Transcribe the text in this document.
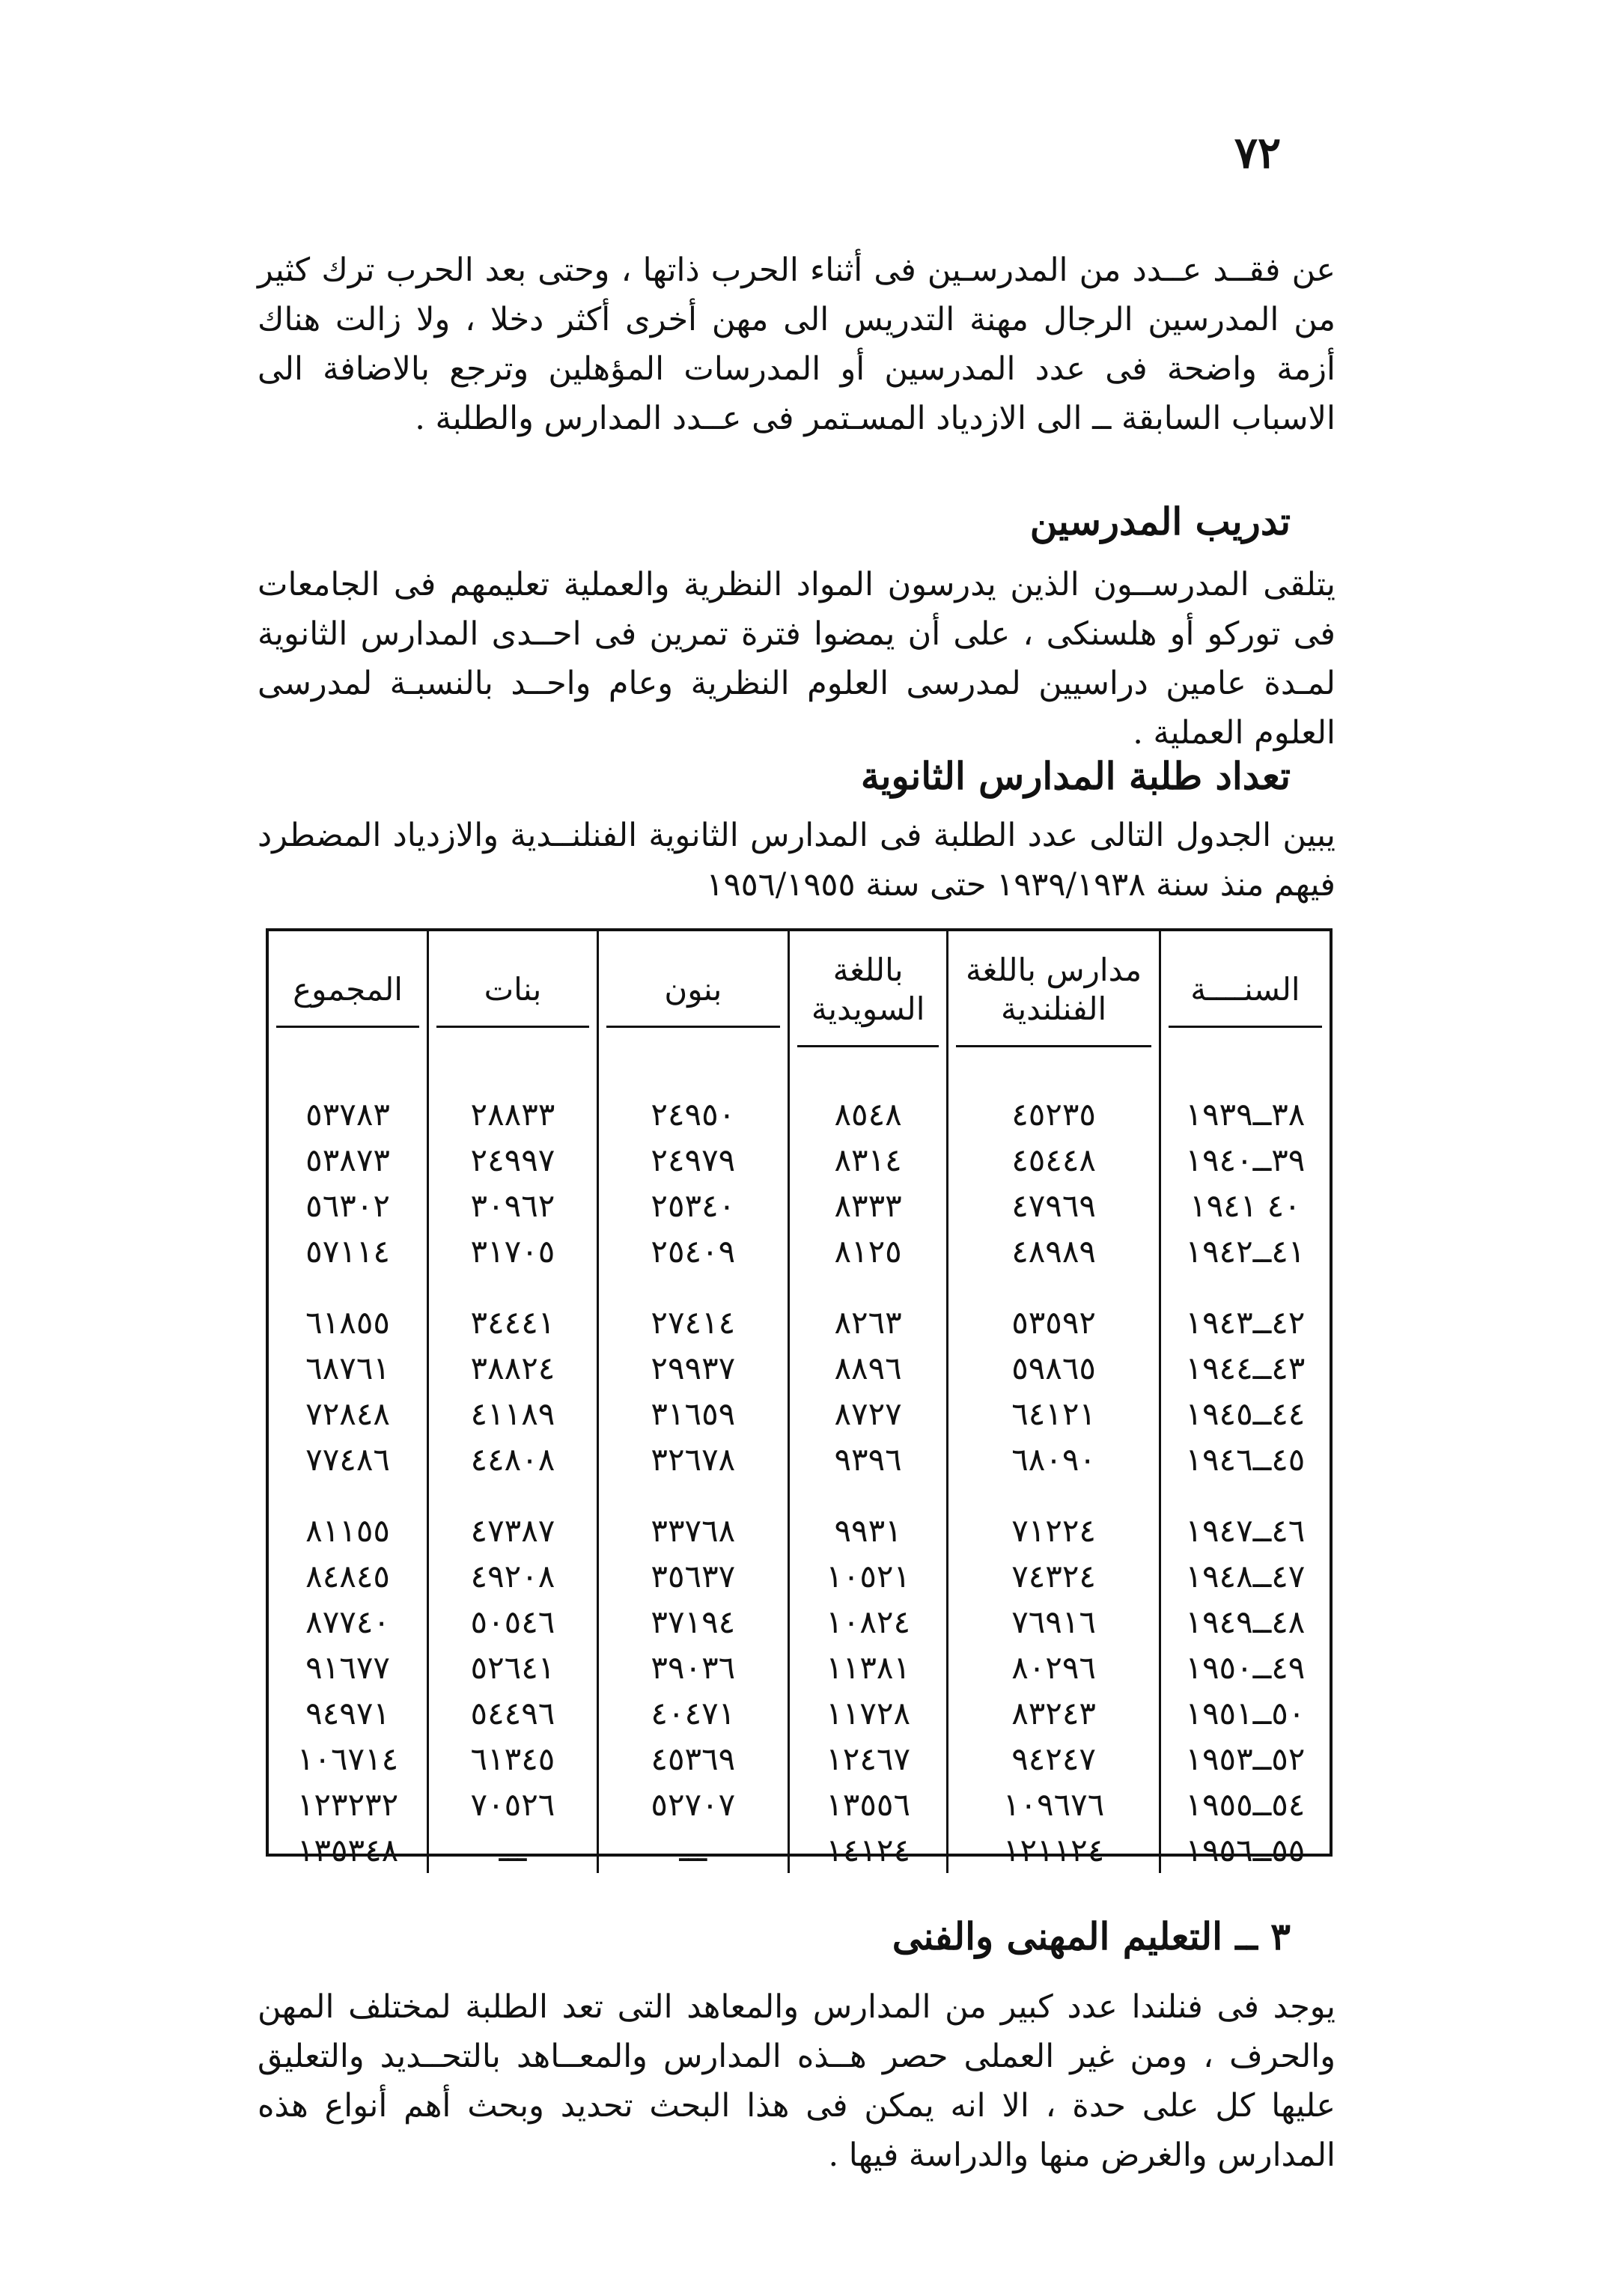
٧٢

عن فقــد عــدد من المدرسـين فى أثناء الحرب ذاتها ، وحتى بعد الحرب ترك كثير من المدرسين الرجال مهنة التدريس الى مهن أخرى أكثر دخلا ، ولا زالت هناك أزمة واضحة فى عدد المدرسين أو المدرسات المؤهلين وترجع بالاضافة الى الاسباب السابقة ــ الى الازدياد المسـتمر فى عــدد المدارس والطلبة .

تدريب المدرسين

يتلقى المدرســون الذين يدرسون المواد النظرية والعملية تعليمهم فى الجامعات فى توركو أو هلسنكى ، على أن يمضوا فترة تمرين فى احــدى المدارس الثانوية لمـدة عامين دراسيين لمدرسى العلوم النظرية وعام واحــد بالنسبـة لمدرسى العلوم العملية .

تعداد طلبة المدارس الثانوية

يبين الجدول التالى عدد الطلبة فى المدارس الثانوية الفنلنــدية والازدياد المضطرد فيهم منذ سنة ١٩٣٩/١٩٣٨ حتى سنة ١٩٥٦/١٩٥٥

السنــــة	مدارس باللغة الفنلندية	باللغة السويدية	بنون	بنات	المجموع

٣٨ــ١٩٣٩	٤٥٢٣٥	٨٥٤٨	٢٤٩٥٠	٢٨٨٣٣	٥٣٧٨٣
٣٩ــ١٩٤٠	٤٥٤٤٨	٨٣١٤	٢٤٩٧٩	٢٤٩٩٧	٥٣٨٧٣
٤٠ ١٩٤١	٤٧٩٦٩	٨٣٣٣	٢٥٣٤٠	٣٠٩٦٢	٥٦٣٠٢
٤١ــ١٩٤٢	٤٨٩٨٩	٨١٢٥	٢٥٤٠٩	٣١٧٠٥	٥٧١١٤

٤٢ــ١٩٤٣	٥٣٥٩٢	٨٢٦٣	٢٧٤١٤	٣٤٤٤١	٦١٨٥٥
٤٣ــ١٩٤٤	٥٩٨٦٥	٨٨٩٦	٢٩٩٣٧	٣٨٨٢٤	٦٨٧٦١
٤٤ــ١٩٤٥	٦٤١٢١	٨٧٢٧	٣١٦٥٩	٤١١٨٩	٧٢٨٤٨
٤٥ــ١٩٤٦	٦٨٠٩٠	٩٣٩٦	٣٢٦٧٨	٤٤٨٠٨	٧٧٤٨٦

٤٦ــ١٩٤٧	٧١٢٢٤	٩٩٣١	٣٣٧٦٨	٤٧٣٨٧	٨١١٥٥
٤٧ــ١٩٤٨	٧٤٣٢٤	١٠٥٢١	٣٥٦٣٧	٤٩٢٠٨	٨٤٨٤٥
٤٨ــ١٩٤٩	٧٦٩١٦	١٠٨٢٤	٣٧١٩٤	٥٠٥٤٦	٨٧٧٤٠
٤٩ــ١٩٥٠	٨٠٢٩٦	١١٣٨١	٣٩٠٣٦	٥٢٦٤١	٩١٦٧٧
٥٠ــ١٩٥١	٨٣٢٤٣	١١٧٢٨	٤٠٤٧١	٥٤٤٩٦	٩٤٩٧١
٥٢ــ١٩٥٣	٩٤٢٤٧	١٢٤٦٧	٤٥٣٦٩	٦١٣٤٥	١٠٦٧١٤
٥٤ــ١٩٥٥	١٠٩٦٧٦	١٣٥٥٦	٥٢٧٠٧	٧٠٥٢٦	١٢٣٢٣٢
٥٥ــ١٩٥٦	١٢١١٢٤	١٤١٢٤	ـــ	ـــ	١٣٥٣٤٨
٣ ــ التعليم المهنى والفنى

يوجد فى فنلندا عدد كبير من المدارس والمعاهد التى تعد الطلبة لمختلف المهن والحرف ، ومن غير العملى حصر هــذه المدارس والمعــاهد بالتحــديد والتعليق عليها كل على حدة ، الا انه يمكن فى هذا البحث تحديد وبحث أهم أنواع هذه المدارس والغرض منها والدراسة فيها .
